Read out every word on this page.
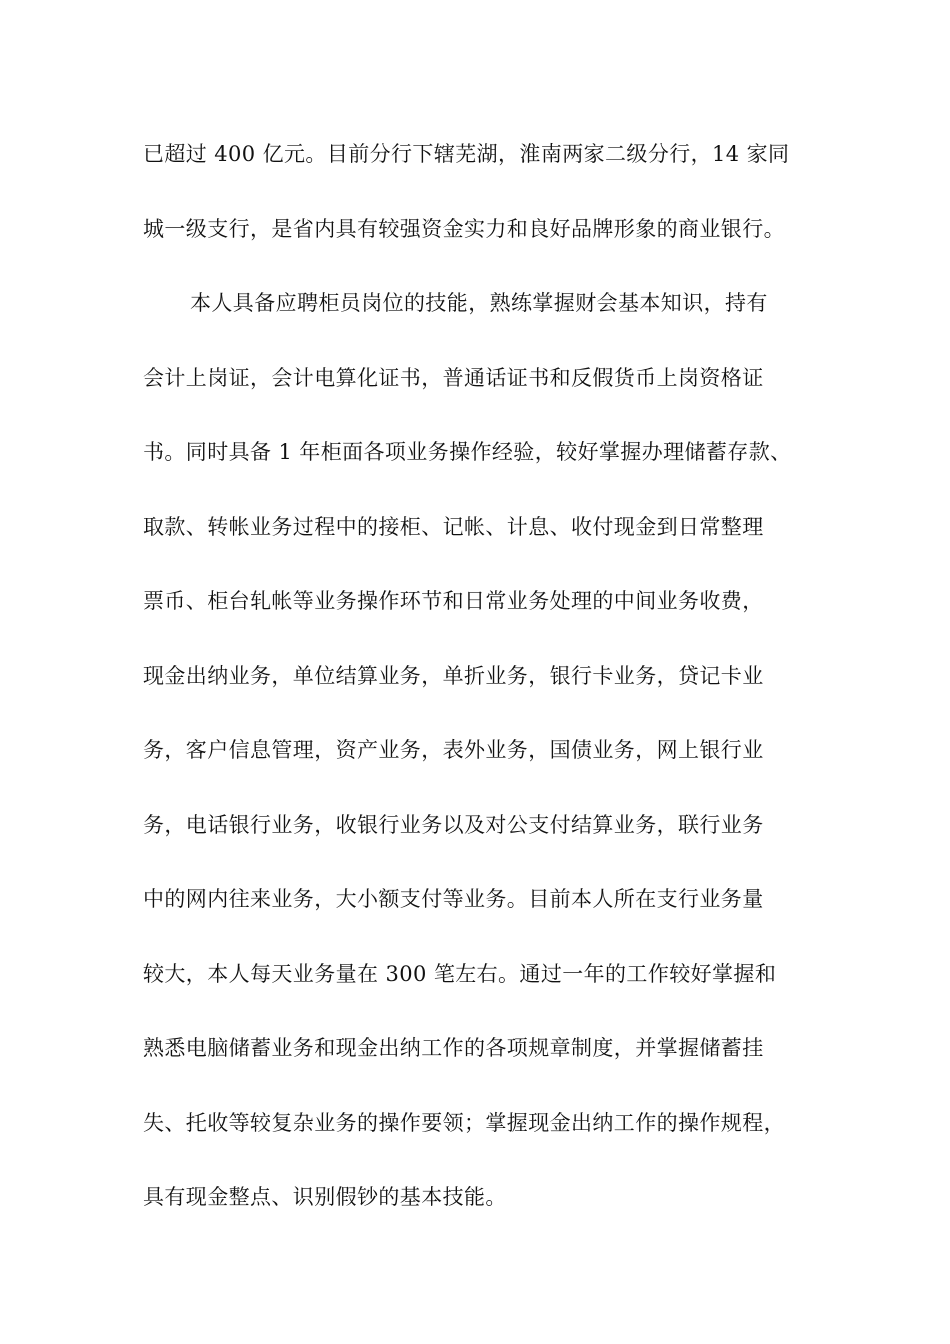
已超过 400 亿元。目前分行下辖芜湖，淮南两家二级分行，14 家同
城一级支行，是省内具有较强资金实力和良好品牌形象的商业银行。
本人具备应聘柜员岗位的技能，熟练掌握财会基本知识，持有
会计上岗证，会计电算化证书，普通话证书和反假货币上岗资格证
书。同时具备 1 年柜面各项业务操作经验，较好掌握办理储蓄存款、
取款、转帐业务过程中的接柜、记帐、计息、收付现金到日常整理
票币、柜台轧帐等业务操作环节和日常业务处理的中间业务收费，
现金出纳业务，单位结算业务，单折业务，银行卡业务，贷记卡业
务，客户信息管理，资产业务，表外业务，国债业务，网上银行业
务，电话银行业务，收银行业务以及对公支付结算业务，联行业务
中的网内往来业务，大小额支付等业务。目前本人所在支行业务量
较大，本人每天业务量在 300 笔左右。通过一年的工作较好掌握和
熟悉电脑储蓄业务和现金出纳工作的各项规章制度，并掌握储蓄挂
失、托收等较复杂业务的操作要领；掌握现金出纳工作的操作规程，
具有现金整点、识别假钞的基本技能。
